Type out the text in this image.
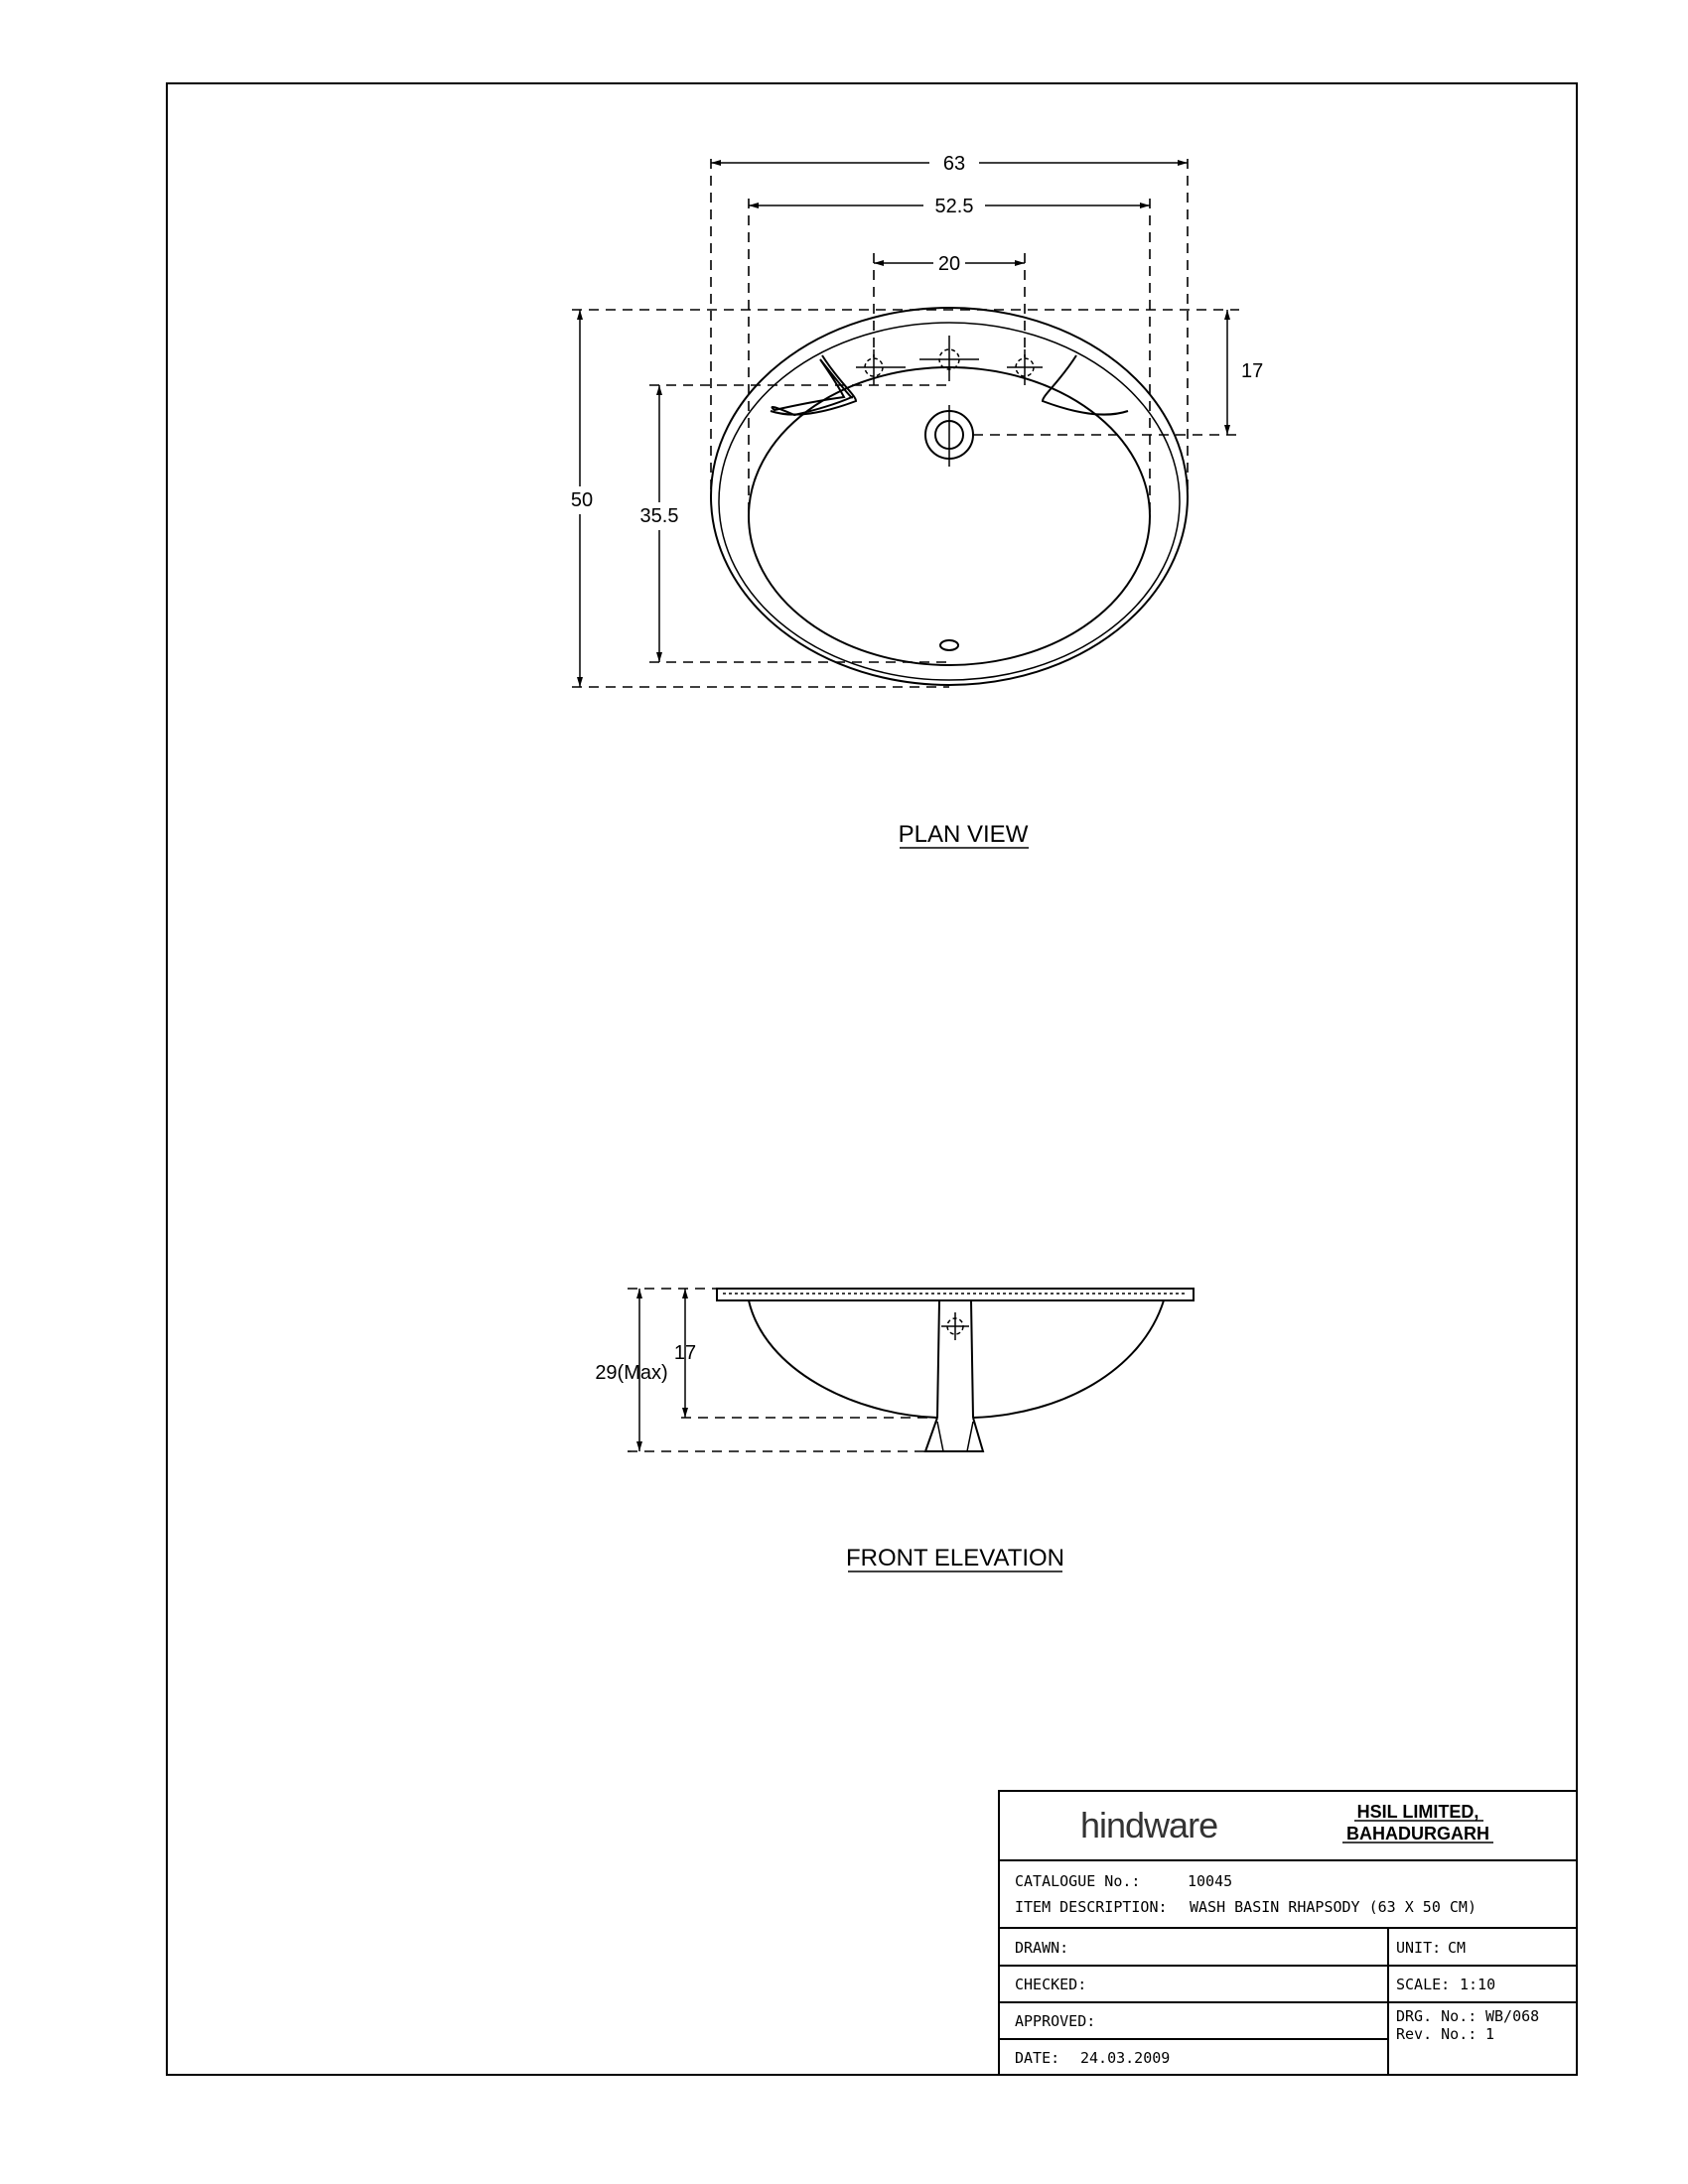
63
52.5
20
50
35.5
17
PLAN VIEW
29(Max)
17
FRONT ELEVATION
hindware	HSIL LIMITED,
BAHADURGARH
CATALOGUE No.:	10045
ITEM DESCRIPTION: WASH BASIN RHAPSODY (63 X 50 CM)
DRAWN:
CHECKED:
APPROVED:
DATE: 24.03.2009
UNIT: CM
SCALE: 1:10
DRG. No.: WB/068
Rev. No.: 1
